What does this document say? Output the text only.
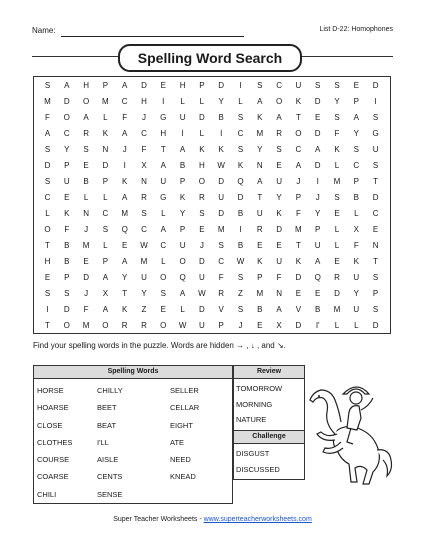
Name:	List D-22: Homophones
Spelling Word Search
S	A	H	P	A	D	E	H	P	D	I	S	C	U	S	S	E	D
M	D	O	M	C	H	I	L	L	Y	L	A	O	K	D	Y	P	I
F	O	A	L	F	J	G	U	D	B	S	K	A	T	E	S	A	S
A	C	R	K	A	C	H	I	L	I	C	M	R	O	D	F	Y	G
S	Y	S	N	J	F	T	A	K	K	S	Y	S	C	A	K	S	U
D	P	E	D	I	X	A	B	H	W	K	N	E	A	D	L	C	S
S	U	B	P	K	N	U	P	O	D	Q	A	U	J	I	M	P	T
C	E	L	L	A	R	G	K	R	U	D	T	Y	P	J	S	B	D
L	K	N	C	M	S	L	Y	S	D	B	U	K	F	Y	E	L	C
O	F	J	S	Q	C	A	P	E	M	I	R	D	M	P	L	X	E
T	B	M	L	E	W	C	U	J	S	B	E	E	T	U	L	F	N
H	B	E	P	A	M	L	O	D	C	W	K	U	K	A	E	K	T
E	P	D	A	Y	U	O	Q	U	F	S	P	F	D	Q	R	U	S
S	S	J	X	T	Y	S	A	W	R	Z	M	N	E	E	D	Y	P
I	D	F	A	K	Z	E	L	D	V	S	B	A	V	B	M	U	S
T	O	M	O	R	R	O	W	U	P	J	E	X	D	I'	L	L	D
Find your spelling words in the puzzle. Words are hidden → , ↓ , and ↘.
Spelling Words
HORSE
HOARSE
CLOSE
CLOTHES
COURSE
COARSE
CHILI
CHILLY
BEET
BEAT
I'LL
AISLE
CENTS
SENSE
SELLER
CELLAR
EIGHT
ATE
NEED
KNEAD
Review
TOMORROW
MORNING
NATURE
Challenge
DISGUST
DISCUSSED
Super Teacher Worksheets - www.superteacherworksheets.com
